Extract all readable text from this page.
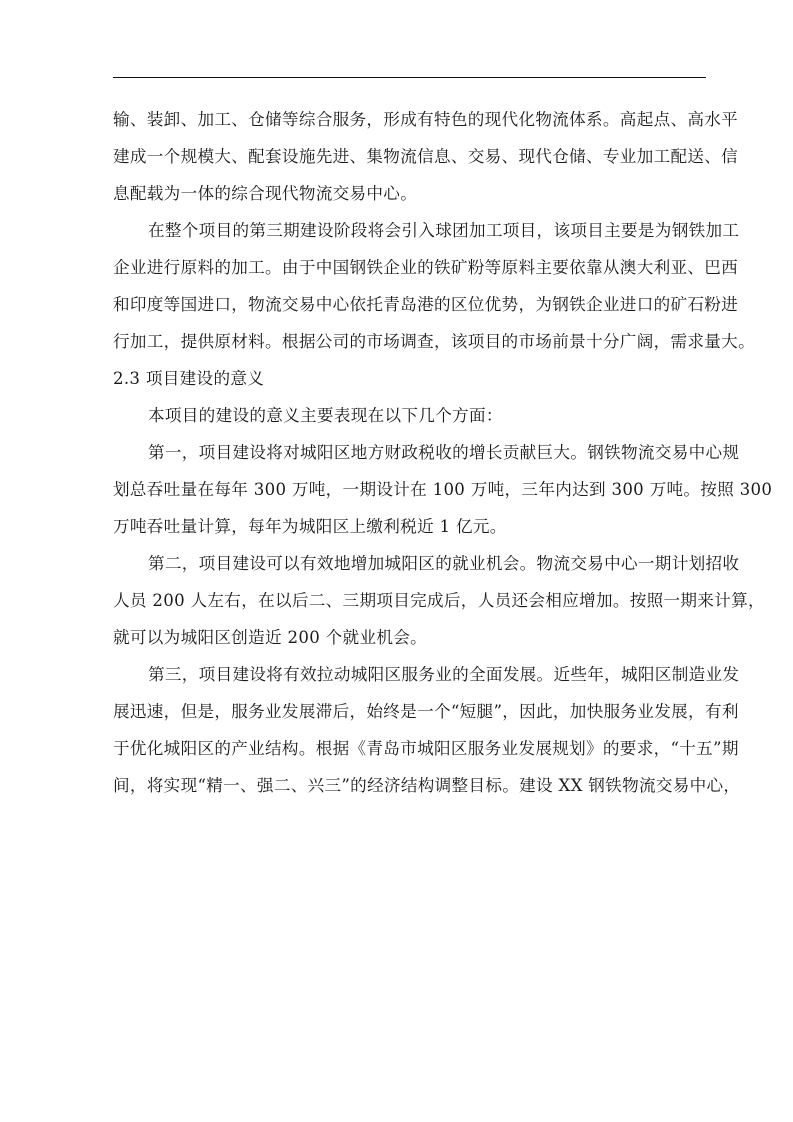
输、装卸、加工、仓储等综合服务，形成有特色的现代化物流体系。高起点、高水平
建成一个规模大、配套设施先进、集物流信息、交易、现代仓储、专业加工配送、信
息配载为一体的综合现代物流交易中心。
在整个项目的第三期建设阶段将会引入球团加工项目，该项目主要是为钢铁加工
企业进行原料的加工。由于中国钢铁企业的铁矿粉等原料主要依靠从澳大利亚、巴西
和印度等国进口，物流交易中心依托青岛港的区位优势，为钢铁企业进口的矿石粉进
行加工，提供原材料。根据公司的市场调查，该项目的市场前景十分广阔，需求量大。
2.3 项目建设的意义
本项目的建设的意义主要表现在以下几个方面：
第一，项目建设将对城阳区地方财政税收的增长贡献巨大。钢铁物流交易中心规
划总吞吐量在每年 300 万吨，一期设计在 100 万吨，三年内达到 300 万吨。按照 300
万吨吞吐量计算，每年为城阳区上缴利税近 1 亿元。
第二，项目建设可以有效地增加城阳区的就业机会。物流交易中心一期计划招收
人员 200 人左右，在以后二、三期项目完成后，人员还会相应增加。按照一期来计算，
就可以为城阳区创造近 200 个就业机会。
第三，项目建设将有效拉动城阳区服务业的全面发展。近些年，城阳区制造业发
展迅速，但是，服务业发展滞后，始终是一个“短腿”，因此，加快服务业发展，有利
于优化城阳区的产业结构。根据《青岛市城阳区服务业发展规划》的要求，“十五”期
间，将实现“精一、强二、兴三”的经济结构调整目标。建设 XX 钢铁物流交易中心，
